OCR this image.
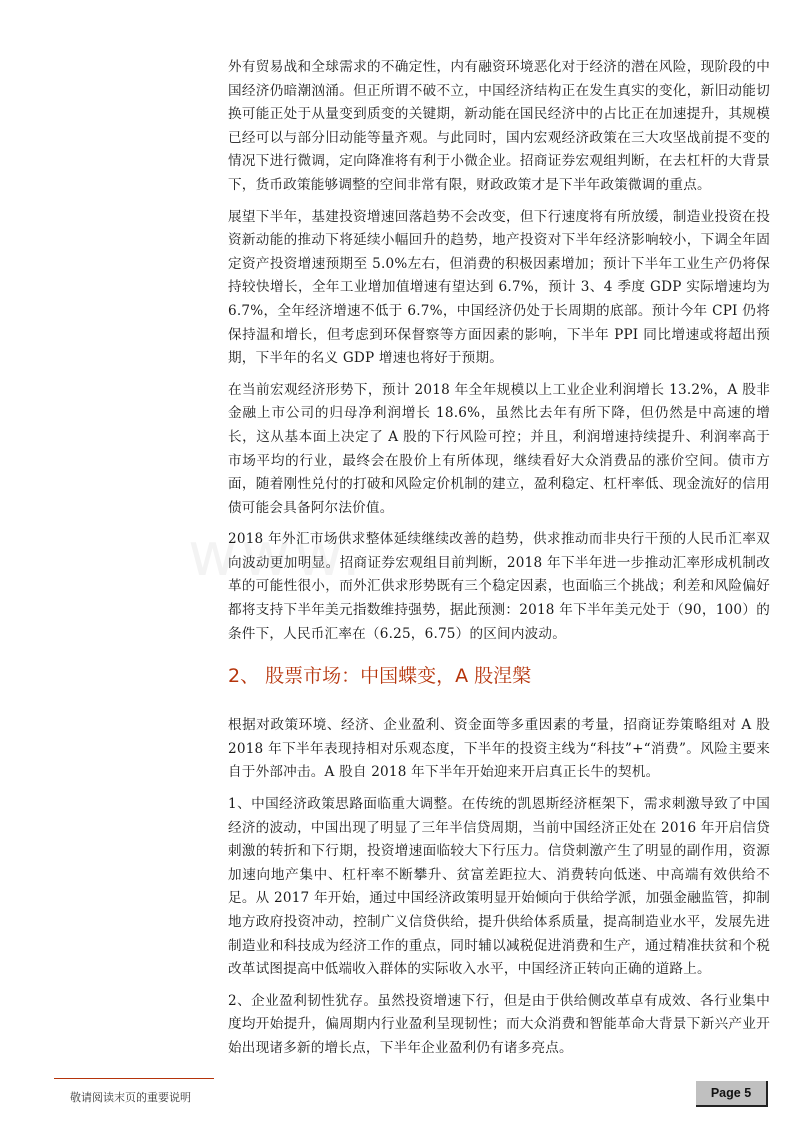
外有贸易战和全球需求的不确定性，内有融资环境恶化对于经济的潜在风险，现阶段的中国经济仍暗潮汹涌。但正所谓不破不立，中国经济结构正在发生真实的变化，新旧动能切换可能正处于从量变到质变的关键期，新动能在国民经济中的占比正在加速提升，其规模已经可以与部分旧动能等量齐观。与此同时，国内宏观经济政策在三大攻坚战前提不变的情况下进行微调，定向降准将有利于小微企业。招商证券宏观组判断，在去杠杆的大背景下，货币政策能够调整的空间非常有限，财政政策才是下半年政策微调的重点。

展望下半年，基建投资增速回落趋势不会改变，但下行速度将有所放缓，制造业投资在投资新动能的推动下将延续小幅回升的趋势，地产投资对下半年经济影响较小，下调全年固定资产投资增速预期至 5.0%左右，但消费的积极因素增加；预计下半年工业生产仍将保持较快增长，全年工业增加值增速有望达到 6.7%，预计 3、4 季度 GDP 实际增速均为 6.7%，全年经济增速不低于 6.7%，中国经济仍处于长周期的底部。预计今年 CPI 仍将保持温和增长，但考虑到环保督察等方面因素的影响，下半年 PPI 同比增速或将超出预期，下半年的名义 GDP 增速也将好于预期。

在当前宏观经济形势下，预计 2018 年全年规模以上工业企业利润增长 13.2%，A 股非金融上市公司的归母净利润增长 18.6%，虽然比去年有所下降，但仍然是中高速的增长，这从基本面上决定了 A 股的下行风险可控；并且，利润增速持续提升、利润率高于市场平均的行业，最终会在股价上有所体现，继续看好大众消费品的涨价空间。债市方面，随着刚性兑付的打破和风险定价机制的建立，盈利稳定、杠杆率低、现金流好的信用债可能会具备阿尔法价值。

2018 年外汇市场供求整体延续继续改善的趋势，供求推动而非央行干预的人民币汇率双向波动更加明显。招商证券宏观组目前判断，2018 年下半年进一步推动汇率形成机制改革的可能性很小，而外汇供求形势既有三个稳定因素，也面临三个挑战；利差和风险偏好都将支持下半年美元指数维持强势，据此预测：2018 年下半年美元处于（90，100）的条件下，人民币汇率在（6.25，6.75）的区间内波动。

2、 股票市场：中国蝶变，A 股涅槃

根据对政策环境、经济、企业盈利、资金面等多重因素的考量，招商证券策略组对 A 股 2018 年下半年表现持相对乐观态度，下半年的投资主线为“科技”+“消费”。风险主要来自于外部冲击。A 股自 2018 年下半年开始迎来开启真正长牛的契机。

1、中国经济政策思路面临重大调整。在传统的凯恩斯经济框架下，需求刺激导致了中国经济的波动，中国出现了明显了三年半信贷周期，当前中国经济正处在 2016 年开启信贷刺激的转折和下行期，投资增速面临较大下行压力。信贷刺激产生了明显的副作用，资源加速向地产集中、杠杆率不断攀升、贫富差距拉大、消费转向低迷、中高端有效供给不足。从 2017 年开始，通过中国经济政策明显开始倾向于供给学派，加强金融监管，抑制地方政府投资冲动，控制广义信贷供给，提升供给体系质量，提高制造业水平，发展先进制造业和科技成为经济工作的重点，同时辅以减税促进消费和生产，通过精准扶贫和个税改革试图提高中低端收入群体的实际收入水平，中国经济正转向正确的道路上。

2、企业盈利韧性犹存。虽然投资增速下行，但是由于供给侧改革卓有成效、各行业集中度均开始提升，偏周期内行业盈利呈现韧性；而大众消费和智能革命大背景下新兴产业开始出现诸多新的增长点，下半年企业盈利仍有诸多亮点。

敬请阅读末页的重要说明	Page 5
